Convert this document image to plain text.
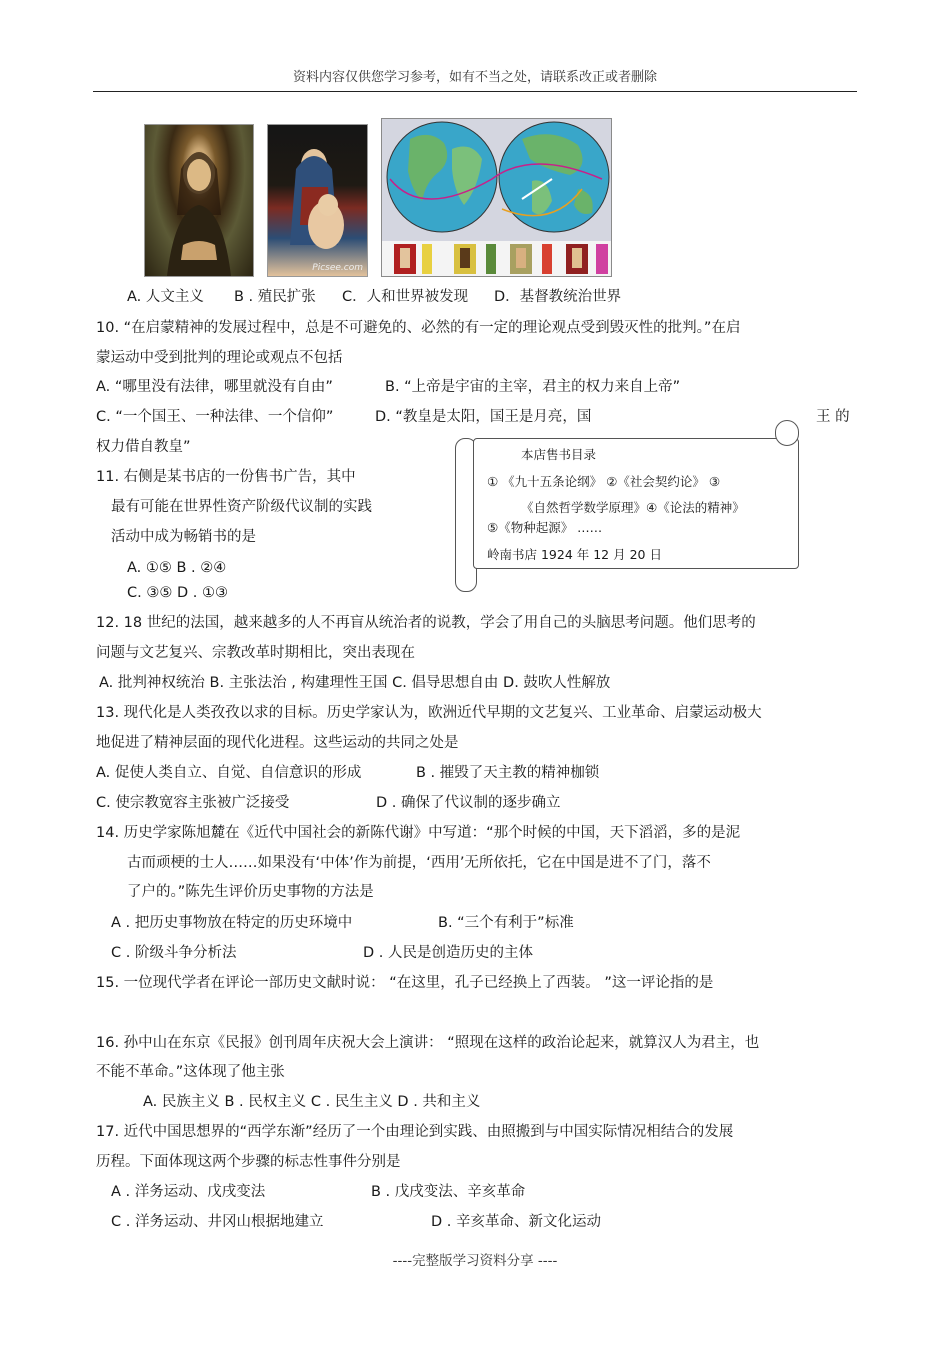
资料内容仅供您学习参考，如有不当之处，请联系改正或者删除
Picsee.com
A. 人文主义 B . 殖民扩张 C．人和世界被发现 D．基督教统治世界
10. “在启蒙精神的发展过程中，总是不可避免的、必然的有一定的理论观点受到毁灭性的批判。”在启
蒙运动中受到批判的理论或观点不包括
A. “哪里没有法律，哪里就没有自由”	B. “上帝是宇宙的主宰，君主的权力来自上帝”
C. “一个国王、一种法律、一个信仰”	D. “教皇是太阳，国王是月亮，国	王 的
权力借自教皇”	本店售书目录
① 《九十五条论纲》 ②《社会契约论》 ③
《自然哲学数学原理》④《论法的精神》
⑤《物种起源》 ……
岭南书店 1924 年 12 月 20 日
11. 右侧是某书店的一份售书广告，其中
最有可能在世界性资产阶级代议制的实践
活动中成为畅销书的是
A. ①⑤ B . ②④
C. ③⑤ D . ①③
12. 18 世纪的法国，越来越多的人不再盲从统治者的说教，学会了用自己的头脑思考问题。他们思考的
问题与文艺复兴、宗教改革时期相比，突出表现在
A. 批判神权统治 B. 主张法治 , 构建理性王国 C. 倡导思想自由 D. 鼓吹人性解放
13. 现代化是人类孜孜以求的目标。历史学家认为，欧洲近代早期的文艺复兴、工业革命、启蒙运动极大
地促进了精神层面的现代化进程。这些运动的共同之处是
A. 促使人类自立、自觉、自信意识的形成	B . 摧毁了天主教的精神枷锁
C. 使宗教宽容主张被广泛接受	D . 确保了代议制的逐步确立
14. 历史学家陈旭麓在《近代中国社会的新陈代谢》中写道：“那个时候的中国，天下滔滔，多的是泥
古而顽梗的士人……如果没有‘中体’作为前提，‘西用’无所依托，它在中国是进不了门，落不
了户的。”陈先生评价历史事物的方法是
A . 把历史事物放在特定的历史环境中	B. “三个有利于”标准
C . 阶级斗争分析法	D . 人民是创造历史的主体
15. 一位现代学者在评论一部历史文献时说： “在这里，孔子已经换上了西装。 ”这一评论指的是
16. 孙中山在东京《民报》创刊周年庆祝大会上演讲： “照现在这样的政治论起来，就算汉人为君主，也
不能不革命。”这体现了他主张
A. 民族主义 B . 民权主义 C . 民生主义 D . 共和主义
17. 近代中国思想界的“西学东渐”经历了一个由理论到实践、由照搬到与中国实际情况相结合的发展
历程。下面体现这两个步骤的标志性事件分别是
A . 洋务运动、戊戌变法	B . 戊戌变法、辛亥革命
C . 洋务运动、井冈山根据地建立	D . 辛亥革命、新文化运动
----完整版学习资料分享 ----
